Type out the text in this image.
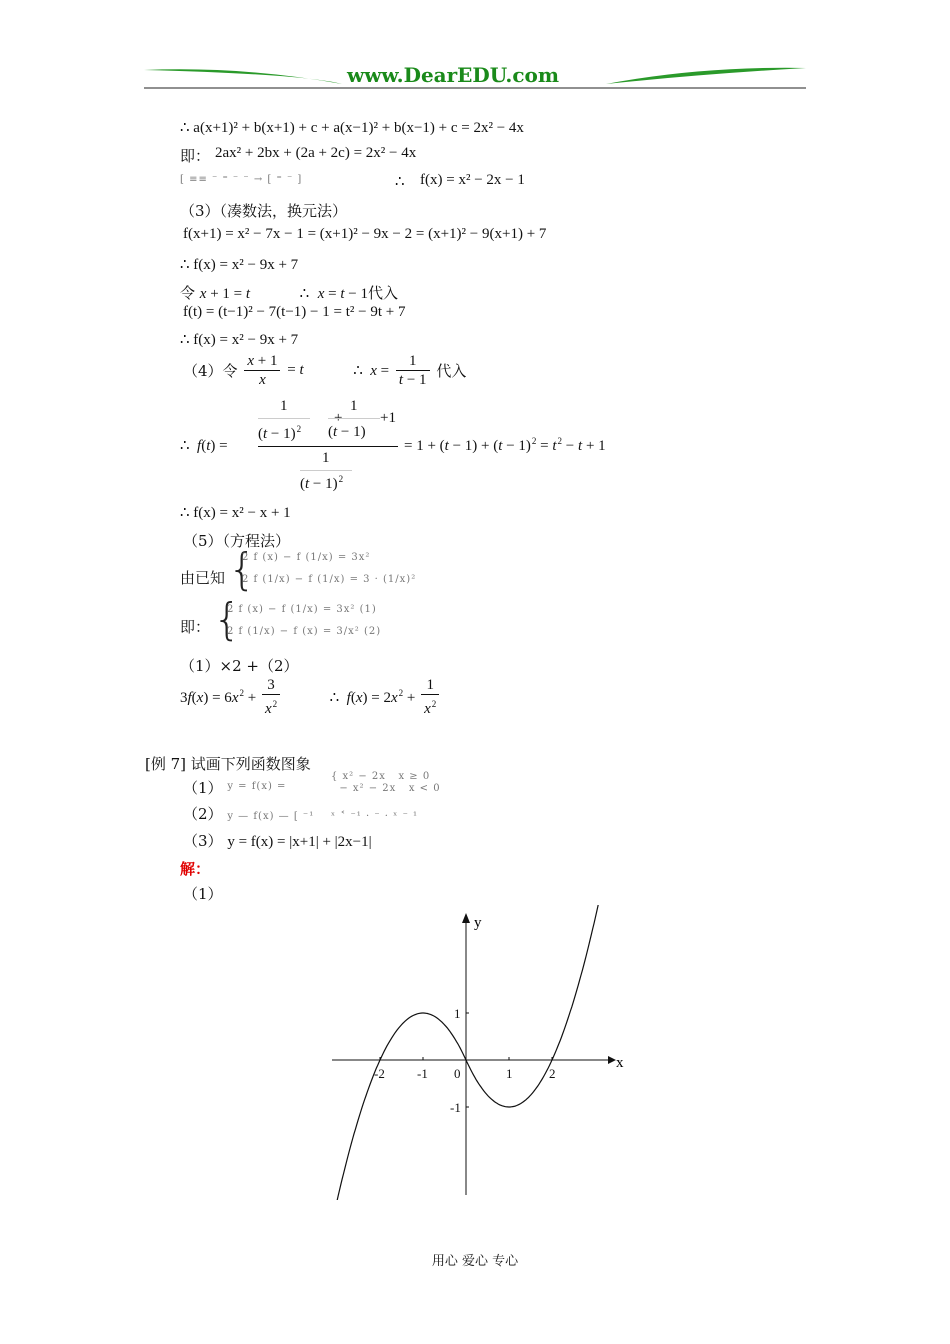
www.DearEDU.com
∴ a(x+1)² + b(x+1) + c + a(x−1)² + b(x−1) + c = 2x² − 4x
即： 2ax² + 2bx + (2a + 2c) = 2x² − 4x
[ ≡≡ ⁻ ⁼ ⁻ ⁻ → [ ⁼ ⁻ ]	∴ f(x) = x² − 2x − 1
（3）（凑数法，换元法）
f(x+1) = x² − 7x − 1 = (x+1)² − 9x − 2 = (x+1)² − 9(x+1) + 7
∴ f(x) = x² − 9x + 7
令 x + 1 = t	∴ x = t − 1代入
f(t) = (t−1)² − 7(t−1) − 1 = t² − 9t + 7
∴ f(x) = x² − 9x + 7
（4）令 $\frac{x + 1}{x} = t$	∴  $x = \frac{1}{t - 1}$ 代入
∴  f(t) =
1	1
+	+1
$(t - 1)^2$ (t − 1)
1
$(t - 1)^2$
= $1 + (t - 1) + (t - 1)^2 = t^2 - t + 1$
∴ f(x) = x² − x + 1
（5）（方程法）
由已知 {
2 f (x) − f (1/x) = 3x²
2 f (1/x) − f (1/x) = 3 · (1/x)²
即： {
2 f (x) − f (1/x) = 3x² (1)
2 f (1/x) − f (x) = 3/x² (2)
（1）×2 +（2）
$3f(x) = 6x^2 + \frac{3}{x^2}$	∴  $f(x) = 2x^2 + \frac{1}{x^2}$
[例 7] 试画下列函数图象
（1） $^{y = f(x) =}$
{ x² − 2x   x ≥ 0
− x² − 2x   x < 0
（2） y — f(x) — [ ⁻¹    ˣ ˂ ⁻¹ · ⁻ · ˣ ⁻ ¹
（3） y = f(x) = |x+1| + |2x−1|
解：
（1）
x
y
-2 -1 0	1	2
1
-1
用心 爱心 专心
